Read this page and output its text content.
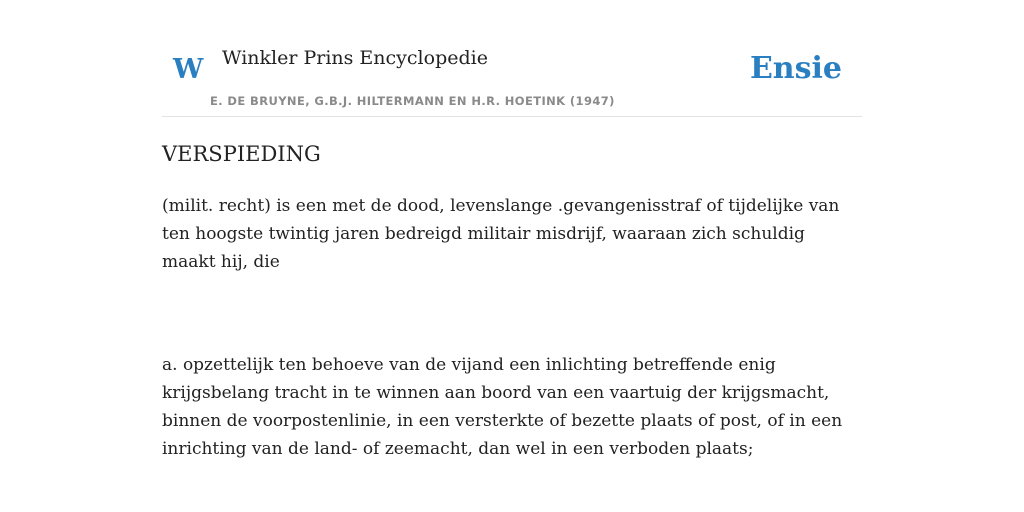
W Winkler Prins Encyclopedie
E. DE BRUYNE, G.B.J. HILTERMANN EN H.R. HOETINK (1947)
Ensie
VERSPIEDING

(milit. recht) is een met de dood, levenslange .gevangenisstraf of tijdelijke van ten hoogste twintig jaren bedreigd militair misdrijf, waaraan zich schuldig maakt hij, die

a. opzettelijk ten behoeve van de vijand een inlichting betreffende enig krijgsbelang tracht in te winnen aan boord van een vaartuig der krijgsmacht, binnen de voorpostenlinie, in een versterkte of bezette plaats of post, of in een inrichting van de land- of zeemacht, dan wel in een verboden plaats;
